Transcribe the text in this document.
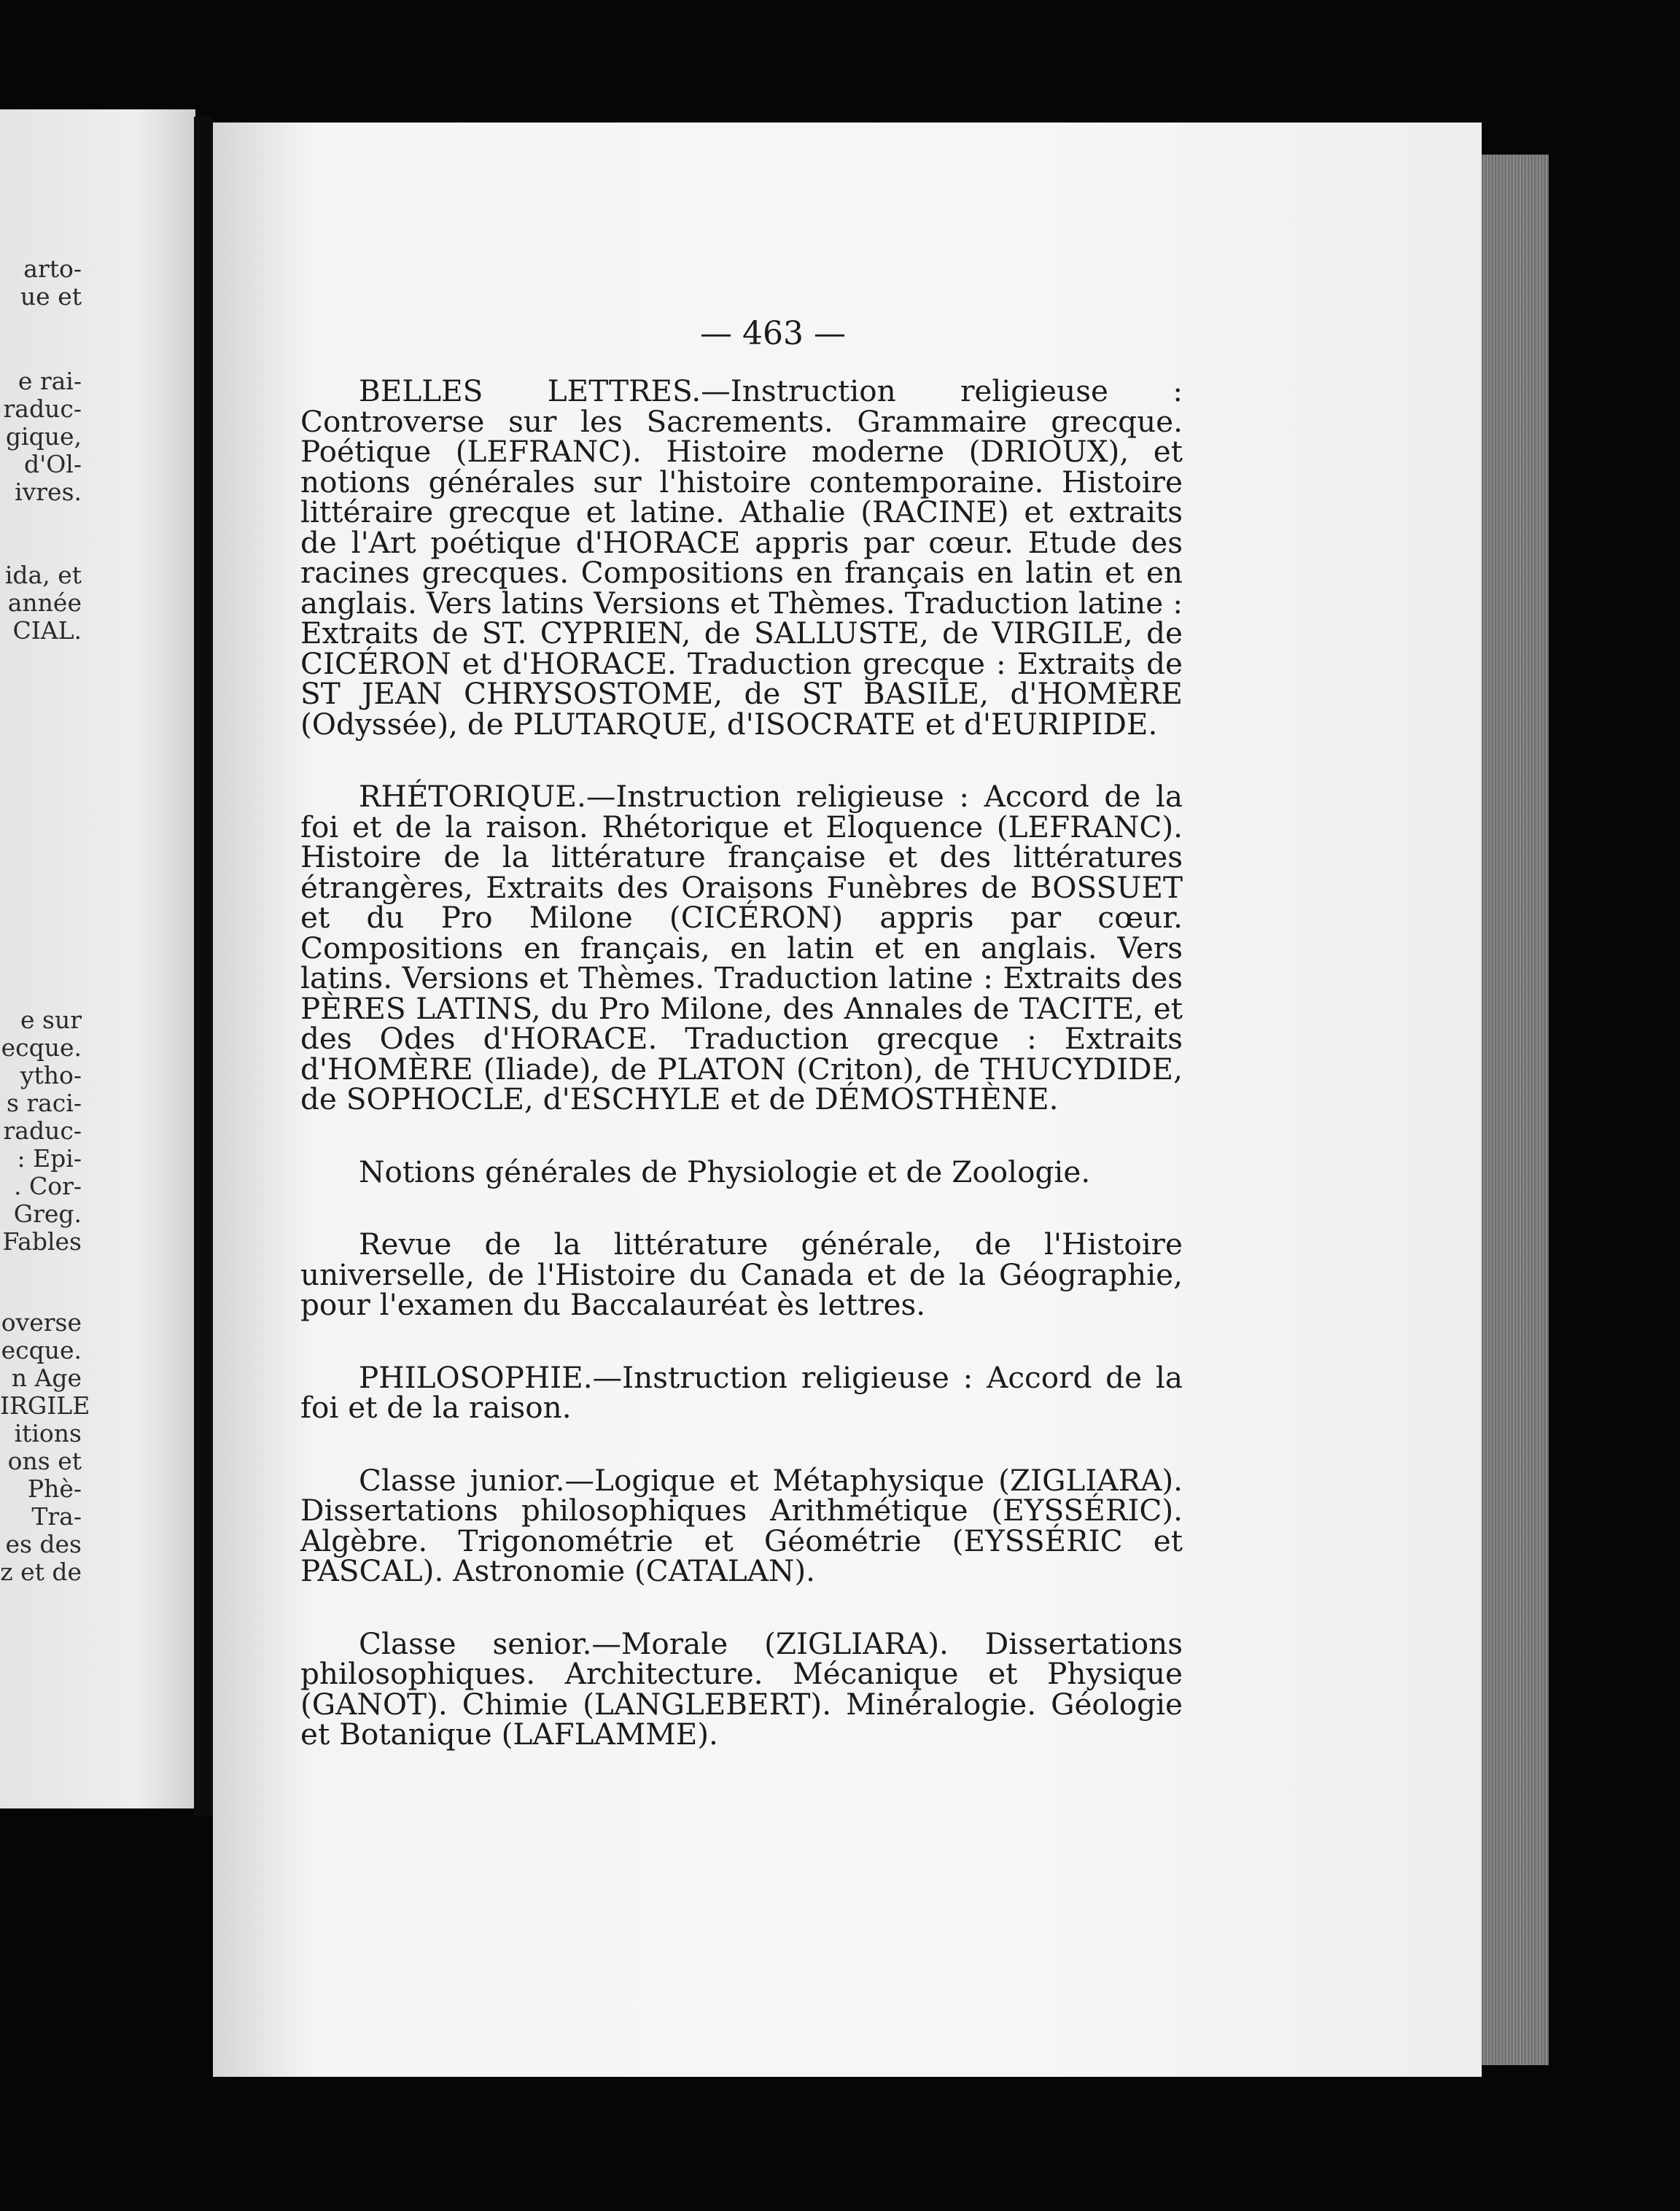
arto-
ue et
e rai-
raduc-
gique,
d'Ol-
ivres.
ida, et
année
CIAL.
e sur
ecque.
ytho-
s raci-
raduc-
: Epi-
. Cor-
Greg.
Fables
overse
ecque.
n Age
IRGILE
itions
ons et
Phè-
Tra-
es des
z et de
— 463 —

BELLES LETTRES.—Instruction religieuse : Controverse sur les Sacrements. Grammaire grecque. Poétique (LEFRANC). Histoire moderne (DRIOUX), et notions générales sur l'histoire contemporaine. Histoire littéraire grecque et latine. Athalie (RACINE) et extraits de l'Art poétique d'HORACE appris par cœur. Etude des racines grecques. Compositions en français en latin et en anglais. Vers latins Versions et Thèmes. Traduction latine : Extraits de ST. CYPRIEN, de SALLUSTE, de VIRGILE, de CICÉRON et d'HORACE. Traduction grecque : Extraits de ST JEAN CHRYSOSTOME, de ST BASILE, d'HOMÈRE (Odyssée), de PLUTARQUE, d'ISOCRATE et d'EURIPIDE.

RHÉTORIQUE.—Instruction religieuse : Accord de la foi et de la raison. Rhétorique et Eloquence (LEFRANC). Histoire de la littérature française et des littératures étrangères, Extraits des Oraisons Funèbres de BOSSUET et du Pro Milone (CICÉRON) appris par cœur. Compositions en français, en latin et en anglais. Vers latins. Versions et Thèmes. Traduction latine : Extraits des PÈRES LATINS, du Pro Milone, des Annales de TACITE, et des Odes d'HORACE. Traduction grecque : Extraits d'HOMÈRE (Iliade), de PLATON (Criton), de THUCYDIDE, de SOPHOCLE, d'ESCHYLE et de DÉMOSTHÈNE.

Notions générales de Physiologie et de Zoologie.

Revue de la littérature générale, de l'Histoire universelle, de l'Histoire du Canada et de la Géographie, pour l'examen du Baccalauréat ès lettres.

PHILOSOPHIE.—Instruction religieuse : Accord de la foi et de la raison.

Classe junior.—Logique et Métaphysique (ZIGLIARA). Dissertations philosophiques Arithmétique (EYSSÉRIC). Algèbre. Trigonométrie et Géométrie (EYSSÉRIC et PASCAL). Astronomie (CATALAN).

Classe senior.—Morale (ZIGLIARA). Dissertations philosophiques. Architecture. Mécanique et Physique (GANOT). Chimie (LANGLEBERT). Minéralogie. Géologie et Botanique (LAFLAMME).
